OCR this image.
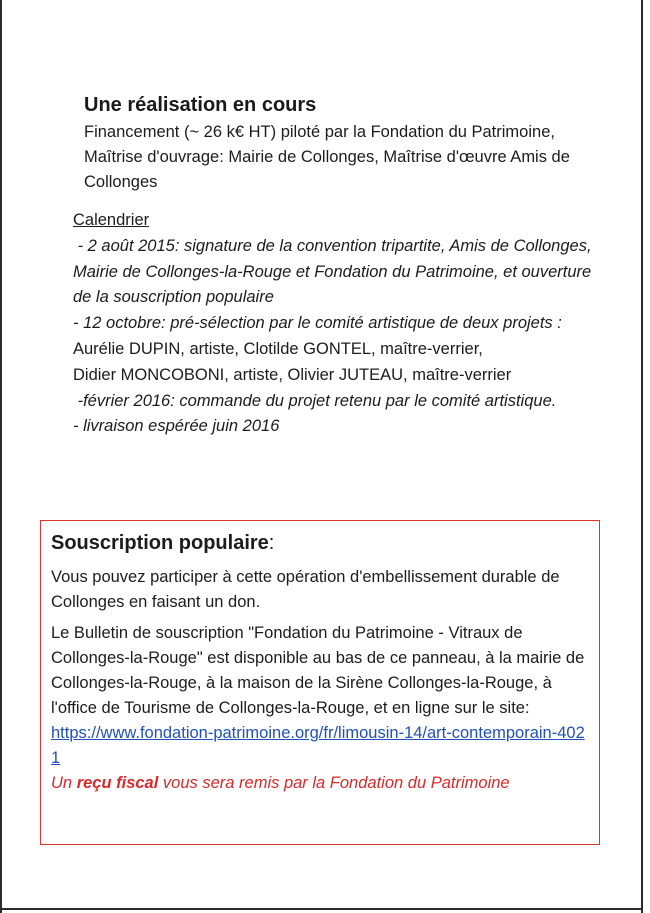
Une réalisation en cours

Financement (~ 26 k€ HT) piloté par la Fondation du Patrimoine, Maîtrise d'ouvrage: Mairie de Collonges, Maîtrise d'œuvre Amis de Collonges

Calendrier
- 2 août 2015: signature de la convention tripartite, Amis de Collonges, Mairie de Collonges-la-Rouge et Fondation du Patrimoine, et ouverture de la souscription populaire
- 12 octobre: pré-sélection par le comité artistique de deux projets :
Aurélie DUPIN, artiste, Clotilde GONTEL, maître-verrier,
Didier MONCOBONI, artiste, Olivier JUTEAU, maître-verrier
-février 2016: commande du projet retenu par le comité artistique.
- livraison espérée juin 2016
Souscription populaire:

Vous pouvez participer à cette opération d'embellissement durable de Collonges en faisant un don.

Le Bulletin de souscription "Fondation du Patrimoine - Vitraux de Collonges-la-Rouge" est disponible au bas de ce panneau, à la mairie de Collonges-la-Rouge, à la maison de la Sirène Collonges-la-Rouge, à l'office de Tourisme de Collonges-la-Rouge, et en ligne sur le site:
https://www.fondation-patrimoine.org/fr/limousin-14/art-contemporain-4021
Un reçu fiscal vous sera remis par la Fondation du Patrimoine
